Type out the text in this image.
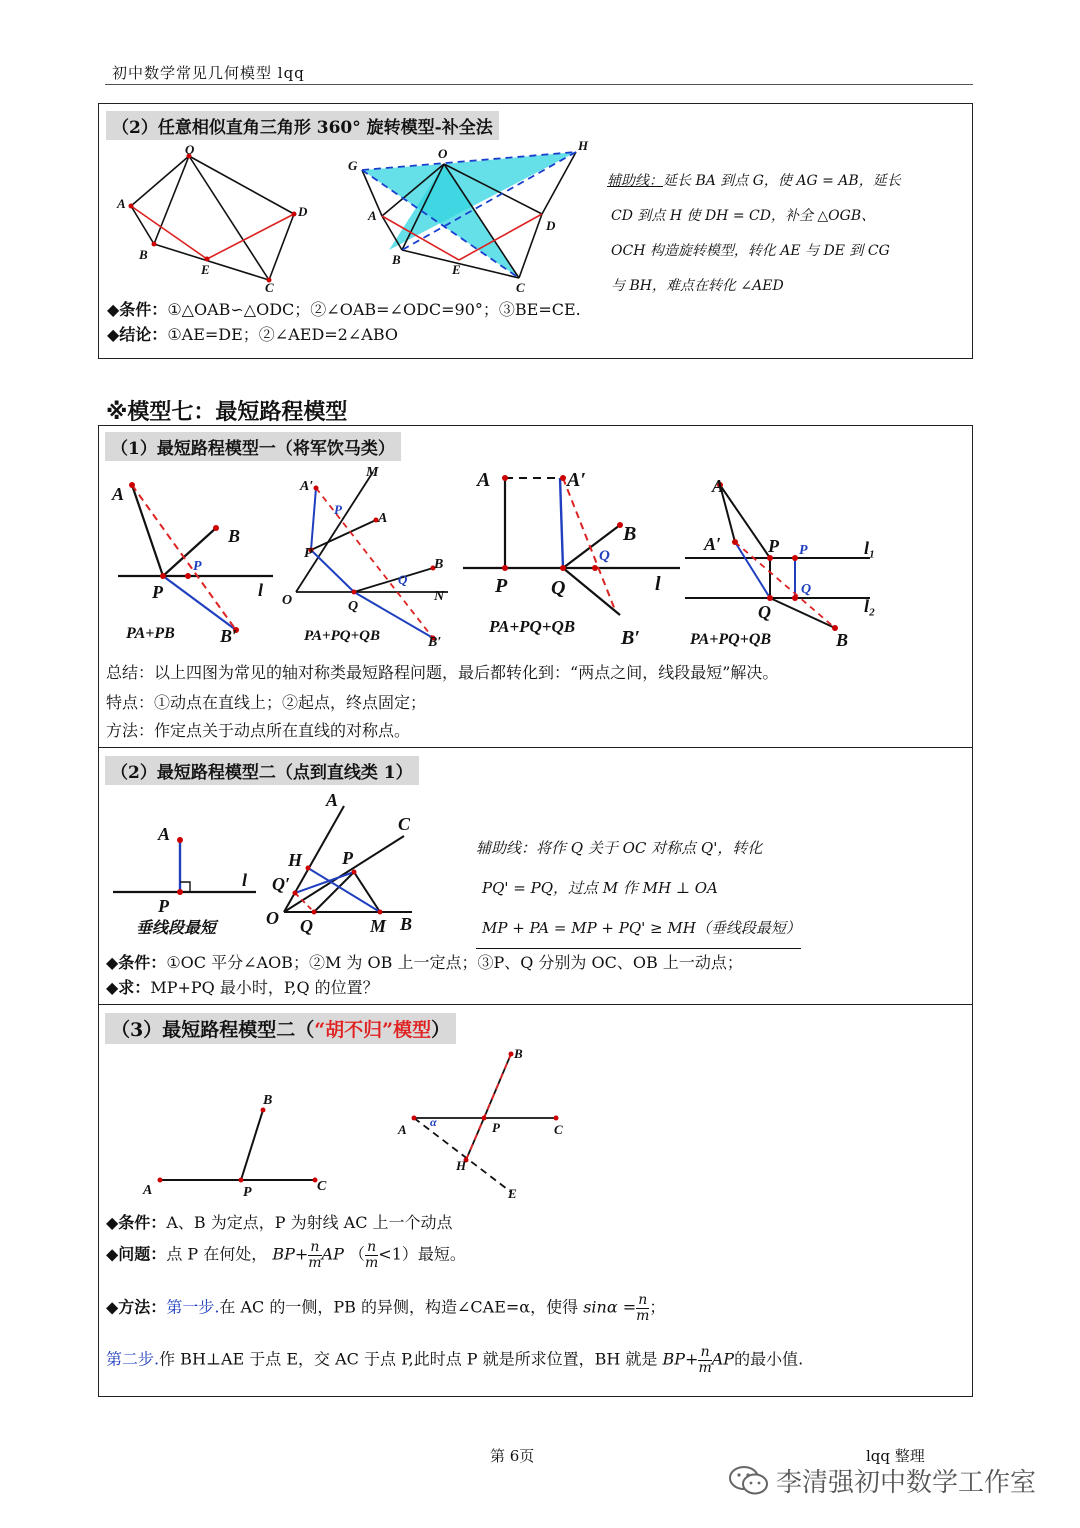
初中数学常见几何模型 lqq
（2）任意相似直角三角形 360° 旋转模型-补全法
O
A
B
E
C
D
G
O
H
A
B
E
C
D
辅助线：延长 BA 到点 G，使 AG = AB，延长
CD 到点 H 使 DH = CD，补全 △OGB、
OCH 构造旋转模型，转化 AE 与 DE 到 CG
与 BH，难点在转化 ∠AED
◆条件：①△OAB∽△ODC；②∠OAB=∠ODC=90°；③BE=CE.
◆结论：①AE=DE；②∠AED=2∠ABO
※模型七：最短路程模型
（1）最短路程模型一（将军饮马类）
A
B
P	l
B′
P
PA+PB
A′
M
A
P
O	Q
B
N
B′
P
Q
PA+PQ+QB
A	A′
P Q
B
l
B′
Q
PA+PQ+QB
A
A′	P
Q
B
l₁
l₂
P
Q
PA+PQ+QB
总结：以上四图为常见的轴对称类最短路程问题，最后都转化到：“两点之间，线段最短”解决。
特点：①动点在直线上；②起点，终点固定；
方法：作定点关于动点所在直线的对称点。
（2）最短路程模型二（点到直线类 1）
A
P
l
垂线段最短
A
C
H P
Q′
O Q	M B
辅助线：将作 Q 关于 OC 对称点 Q'，转化
PQ' = PQ，过点 M 作 MH ⊥ OA
MP + PA = MP + PQ' ≥ MH（垂线段最短）
◆条件：①OC 平分∠AOB；②M 为 OB 上一定点；③P、Q 分别为 OC、OB 上一动点；
◆求：MP+PQ 最小时，P,Q 的位置？
（3）最短路程模型二（“胡不归”模型）
A	P	C
B
A	P	C
B
H
E
α
◆条件：A、B 为定点，P 为射线 AC 上一个动点
◆问题：点 P 在何处， $BP+ \frac{n}{m}$ AP （ $\frac{n}{m} <1$）最短。
◆方法：第一步.在 AC 的一侧，PB 的异侧，构造∠CAE=α，使得 $\sin\alpha = \frac{n}{m}$ ；
第二步.作 BH⊥AE 于点 E，交 AC 于点 P,此时点 P 就是所求位置，BH 就是 $BP+ \frac{n}{m}$ AP的最小值.
第 6页	lqq 整理
李清强初中数学工作室
